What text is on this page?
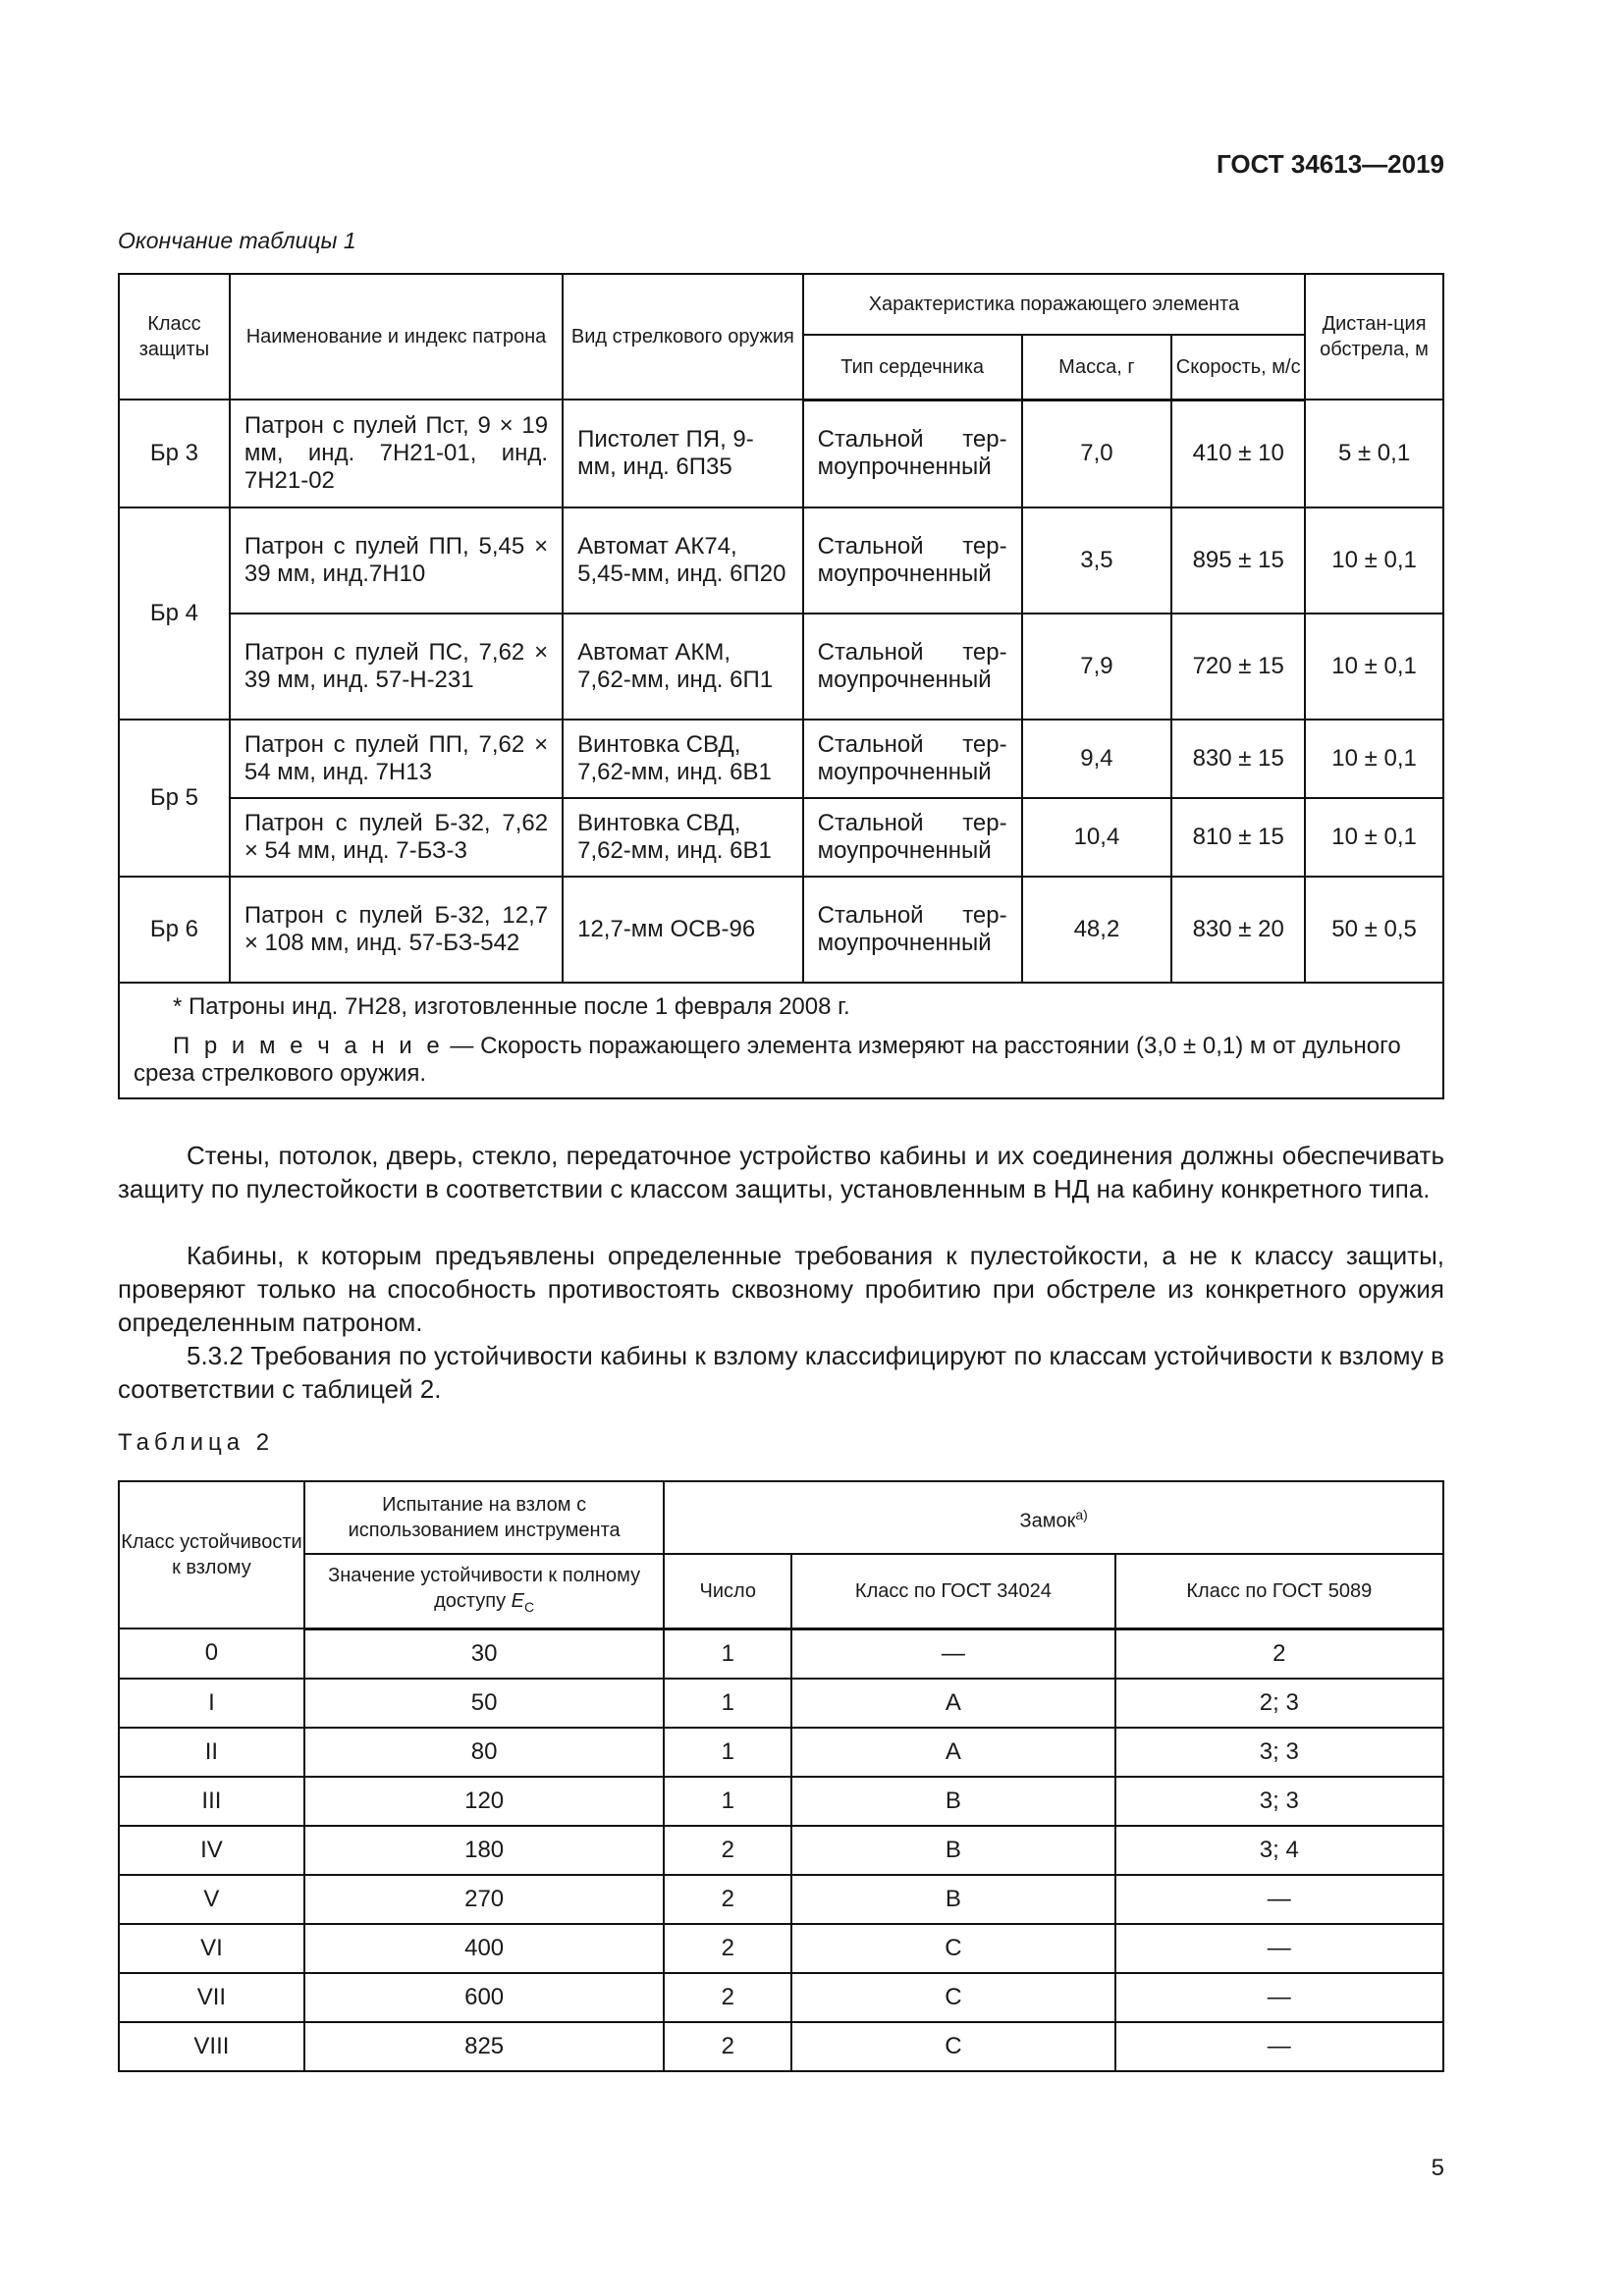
ГОСТ 34613—2019
Окончание таблицы 1
Класс защиты	Наименование и индекс патрона	Вид стрелкового оружия	Характеристика поражающего элемента			Дистан-ция обстрела, м
			Тип сердечника	Масса, г	Скорость, м/с	
Бр 3	Патрон с пулей Пст, 9 × 19 мм, инд. 7Н21-01, инд. 7Н21-02	Пистолет ПЯ, 9-мм, инд. 6П35	Стальной тер-моупрочненный	7,0	410 ± 10	5 ± 0,1
Бр 4	Патрон с пулей ПП, 5,45 × 39 мм, инд.7Н10	Автомат АК74, 5,45-мм, инд. 6П20	Стальной тер-моупрочненный	3,5	895 ± 15	10 ± 0,1
	Патрон с пулей ПС, 7,62 × 39 мм, инд. 57-Н-231	Автомат АКМ, 7,62-мм, инд. 6П1	Стальной тер-моупрочненный	7,9	720 ± 15	10 ± 0,1
Бр 5	Патрон с пулей ПП, 7,62 × 54 мм, инд. 7Н13	Винтовка СВД, 7,62-мм, инд. 6В1	Стальной тер-моупрочненный	9,4	830 ± 15	10 ± 0,1
	Патрон с пулей Б-32, 7,62 × 54 мм, инд. 7-БЗ-3	Винтовка СВД, 7,62-мм, инд. 6В1	Стальной тер-моупрочненный	10,4	810 ± 15	10 ± 0,1
Бр 6	Патрон с пулей Б-32, 12,7 × 108 мм, инд. 57-БЗ-542	12,7-мм ОСВ-96	Стальной тер-моупрочненный	48,2	830 ± 20	50 ± 0,5

* Патроны инд. 7Н28, изготовленные после 1 февраля 2008 г.
П р и м е ч а н и е — Скорость поражающего элемента измеряют на расстоянии (3,0 ± 0,1) м от дульного среза стрелкового оружия.						
Стены, потолок, дверь, стекло, передаточное устройство кабины и их соединения должны обеспечивать защиту по пулестойкости в соответствии с классом защиты, установленным в НД на кабину конкретного типа.
Кабины, к которым предъявлены определенные требования к пулестойкости, а не к классу защиты, проверяют только на способность противостоять сквозному пробитию при обстреле из конкретного оружия определенным патроном.
5.3.2 Требования по устойчивости кабины к взлому классифицируют по классам устойчивости к взлому в соответствии с таблицей 2.
Таблица 2
Класс устойчивости к взлому	Испытание на взлом с использованием инструмента	Замок$^{а)}$
	Значение устойчивости к полному доступу $E_C$	Число	Класс по ГОСТ 34024	Класс по ГОСТ 5089
0	30	1	—	2
I	50	1	А	2; 3
II	80	1	А	3; 3
III	120	1	В	3; 3
IV	180	2	В	3; 4
V	270	2	В	—
VI	400	2	С	—
VII	600	2	С	—
VIII	825	2	С	—
5
